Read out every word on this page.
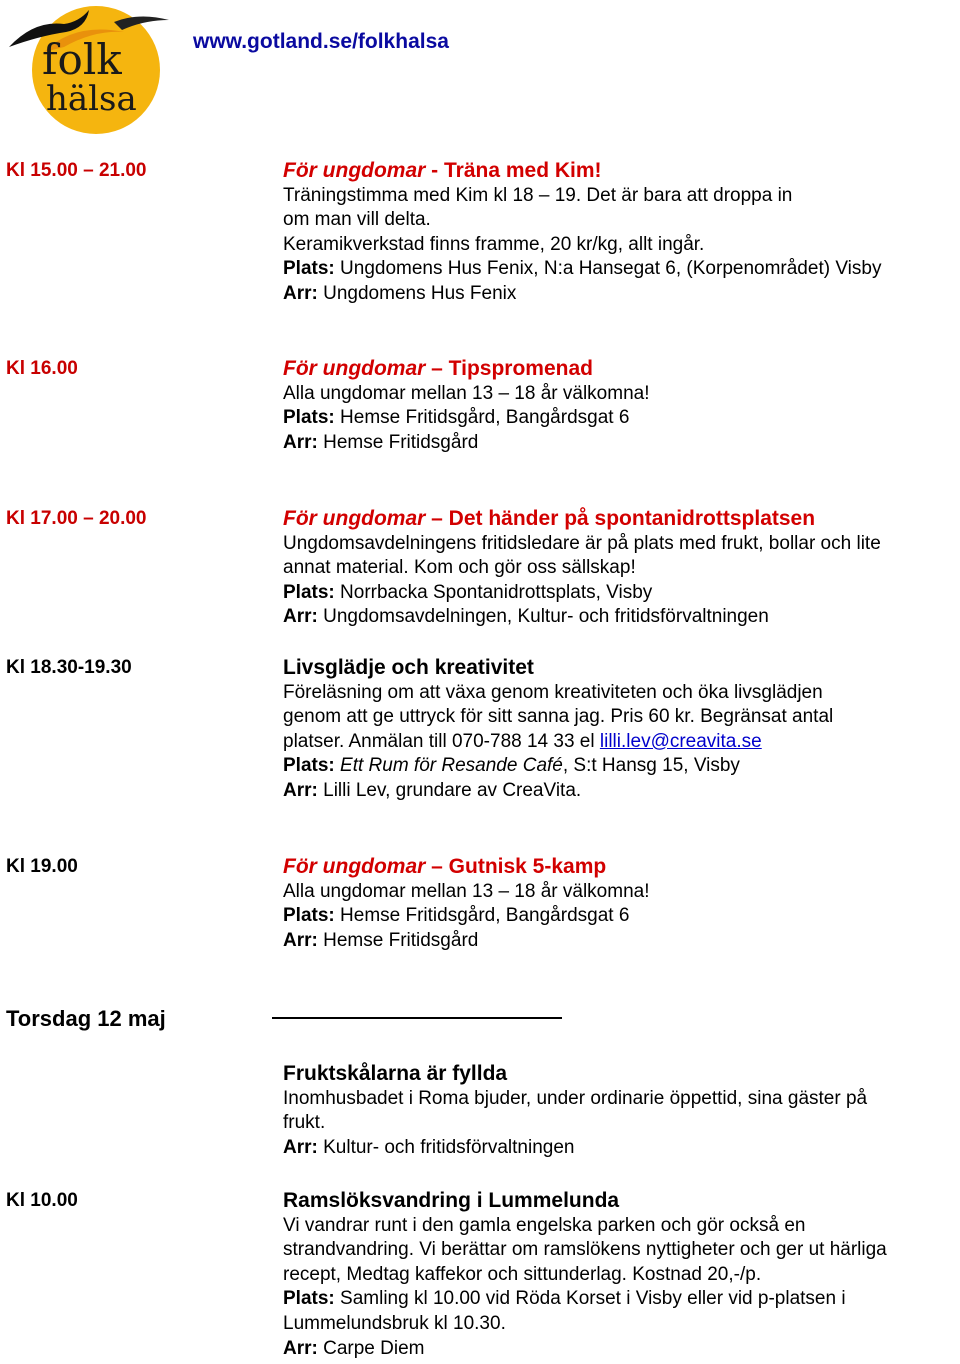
folk
hälsa
www.gotland.se/folkhalsa
Kl 15.00 – 21.00	För ungdomar - Träna med Kim!
Träningstimma med Kim kl 18 – 19. Det är bara att droppa in
om man vill delta.
Keramikverkstad finns framme, 20 kr/kg, allt ingår.
Plats: Ungdomens Hus Fenix, N:a Hansegat 6, (Korpenområdet) Visby
Arr: Ungdomens Hus Fenix
Kl 16.00	För ungdomar – Tipspromenad
Alla ungdomar mellan 13 – 18 år välkomna!
Plats: Hemse Fritidsgård, Bangårdsgat 6
Arr: Hemse Fritidsgård
Kl 17.00 – 20.00	För ungdomar – Det händer på spontanidrottsplatsen
Ungdomsavdelningens fritidsledare är på plats med frukt, bollar och lite
annat material. Kom och gör oss sällskap!
Plats: Norrbacka Spontanidrottsplats, Visby
Arr: Ungdomsavdelningen, Kultur- och fritidsförvaltningen
Kl 18.30-19.30	Livsglädje och kreativitet
Föreläsning om att växa genom kreativiteten och öka livsglädjen
genom att ge uttryck för sitt sanna jag. Pris 60 kr. Begränsat antal
platser. Anmälan till 070-788 14 33 el lilli.lev@creavita.se
Plats: Ett Rum för Resande Café, S:t Hansg 15, Visby
Arr: Lilli Lev, grundare av CreaVita.
Kl 19.00	För ungdomar – Gutnisk 5-kamp
Alla ungdomar mellan 13 – 18 år välkomna!
Plats: Hemse Fritidsgård, Bangårdsgat 6
Arr: Hemse Fritidsgård
Torsdag 12 maj
Fruktskålarna är fyllda
Inomhusbadet i Roma bjuder, under ordinarie öppettid, sina gäster på
frukt.
Arr: Kultur- och fritidsförvaltningen
Kl 10.00	Ramslöksvandring i Lummelunda
Vi vandrar runt i den gamla engelska parken och gör också en
strandvandring. Vi berättar om ramslökens nyttigheter och ger ut härliga
recept, Medtag kaffekor och sittunderlag. Kostnad 20,-/p.
Plats: Samling kl 10.00 vid Röda Korset i Visby eller vid p-platsen i
Lummelundsbruk kl 10.30.
Arr: Carpe Diem
